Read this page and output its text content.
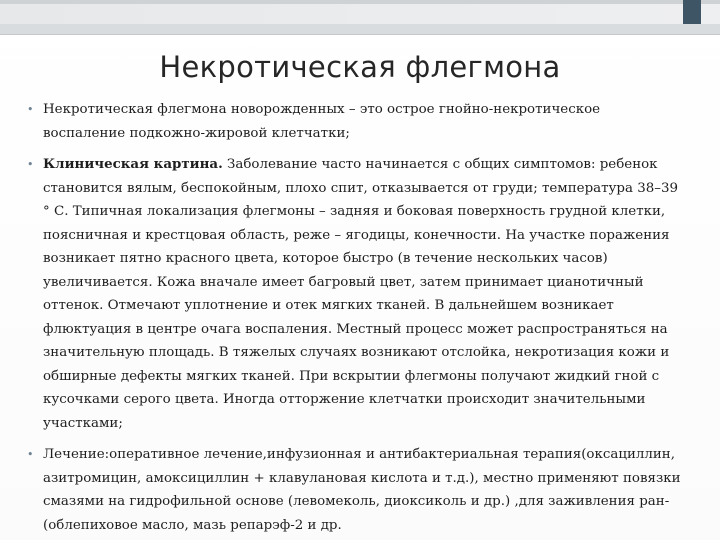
Некротическая флегмона
• Некротическая флегмона новорожденных – это острое гнойно-некротическое воспаление подкожно-жировой клетчатки;
• Клиническая картина. Заболевание часто начинается с общих симптомов: ребенок становится вялым, беспокойным, плохо спит, отказывается от груди; температура 38–39 ° С. Типичная локализация флегмоны – задняя и боковая поверхность грудной клетки, поясничная и крестцовая область, реже – ягодицы, конечности. На участке поражения возникает пятно красного цвета, которое быстро (в течение нескольких часов) увеличивается. Кожа вначале имеет багровый цвет, затем принимает цианотичный оттенок. Отмечают уплотнение и отек мягких тканей. В дальнейшем возникает флюктуация в центре очага воспаления. Местный процесс может распространяться на значительную площадь. В тяжелых случаях возникают отслойка, некротизация кожи и обширные дефекты мягких тканей. При вскрытии флегмоны получают жидкий гной с кусочками серого цвета. Иногда отторжение клетчатки происходит значительными участками;
• Лечение:оперативное лечение,инфузионная и антибактериальная терапия(оксациллин, азитромицин, амоксициллин + клавулановая кислота и т.д.), местно применяют повязки смазями на гидрофильной основе (левомеколь, диоксиколь и др.) ,для заживления ран- (облепиховое масло, мазь репарэф-2 и др.
